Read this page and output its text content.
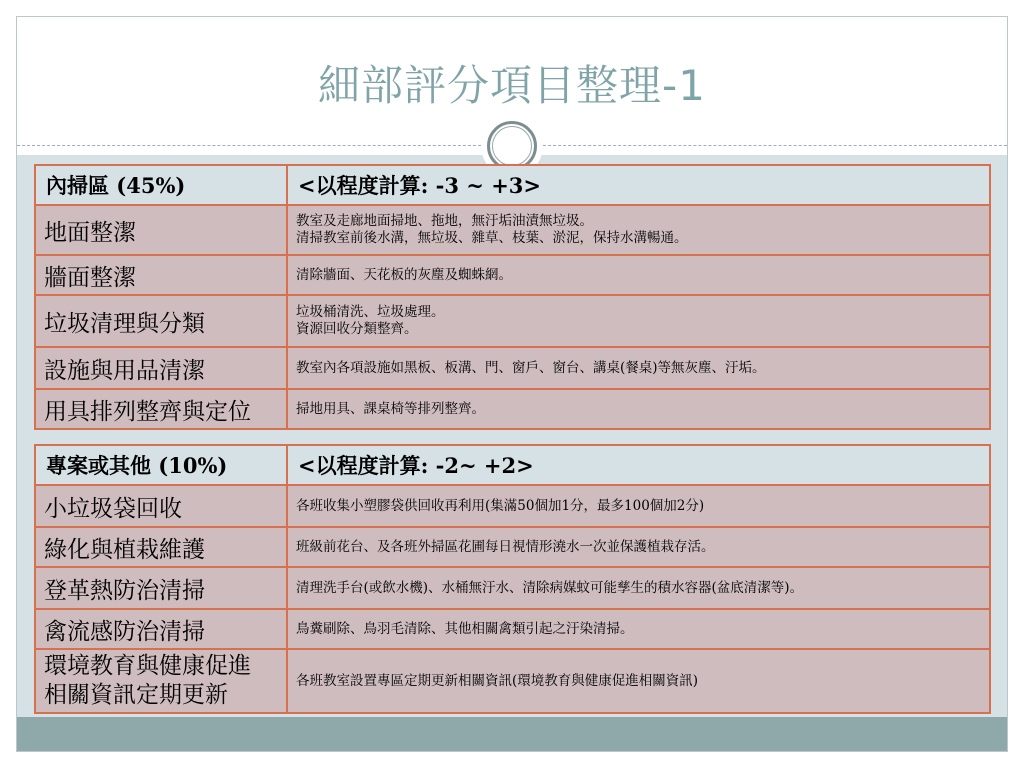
細部評分項目整理-1
內掃區 (45%)	<以程度計算: -3 ~ +3>
地面整潔	教室及走廊地面掃地、拖地，無汙垢油漬無垃圾。
清掃教室前後水溝，無垃圾、雜草、枝葉、淤泥，保持水溝暢通。

牆面整潔	清除牆面、天花板的灰塵及蜘蛛網。

垃圾清理與分類	垃圾桶清洗、垃圾處理。
資源回收分類整齊。

設施與用品清潔	教室內各項設施如黑板、板溝、門、窗戶、窗台、講桌(餐桌)等無灰塵、汙垢。

用具排列整齊與定位	掃地用具、課桌椅等排列整齊。
專案或其他 (10%)	<以程度計算: -2~ +2>
小垃圾袋回收	各班收集小塑膠袋供回收再利用(集滿50個加1分，最多100個加2分)
綠化與植栽維護	班級前花台、及各班外掃區花圃每日視情形澆水一次並保護植栽存活。
登革熱防治清掃	清理洗手台(或飲水機)、水桶無汙水、清除病媒蚊可能孳生的積水容器(盆底清潔等)。
禽流感防治清掃	鳥糞刷除、鳥羽毛清除、其他相關禽類引起之汙染清掃。

環境教育與健康促進
相關資訊定期更新	各班教室設置專區定期更新相關資訊(環境教育與健康促進相關資訊)
